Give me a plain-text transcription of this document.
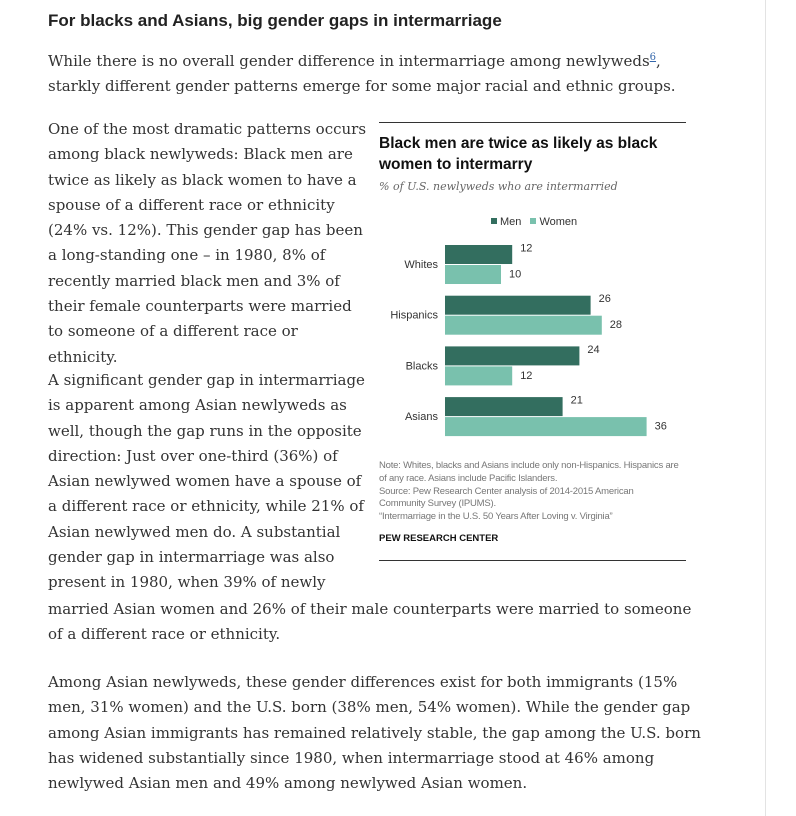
For blacks and Asians, big gender gaps in intermarriage

While there is no overall gender difference in intermarriage among newlyweds$^6$, starkly different gender patterns emerge for some major racial and ethnic groups.

One of the most dramatic patterns occurs among black newlyweds: Black men are twice as likely as black women to have a spouse of a different race or ethnicity (24% vs. 12%). This gender gap has been a long-standing one – in 1980, 8% of recently married black men and 3% of their female counterparts were married to someone of a different race or ethnicity.

A significant gender gap in intermarriage is apparent among Asian newlyweds as well, though the gap runs in the opposite direction: Just over one-third (36%) of Asian newlywed women have a spouse of a different race or ethnicity, while 21% of Asian newlywed men do. A substantial gender gap in intermarriage was also present in 1980, when 39% of newly

married Asian women and 26% of their male counterparts were married to someone of a different race or ethnicity.

Among Asian newlyweds, these gender differences exist for both immigrants (15% men, 31% women) and the U.S. born (38% men, 54% women). While the gender gap among Asian immigrants has remained relatively stable, the gap among the U.S. born has widened substantially since 1980, when intermarriage stood at 46% among newlywed Asian men and 49% among newlywed Asian women.

Black men are twice as likely as black women to intermarry

% of U.S. newlyweds who are intermarried

Men Women
Whites
12
10
Hispanics
26
28
Blacks
24
12
Asians
21
36
Note: Whites, blacks and Asians include only non-Hispanics. Hispanics are of any race. Asians include Pacific Islanders.
Source: Pew Research Center analysis of 2014-2015 American Community Survey (IPUMS).
“Intermarriage in the U.S. 50 Years After Loving v. Virginia”

PEW RESEARCH CENTER
